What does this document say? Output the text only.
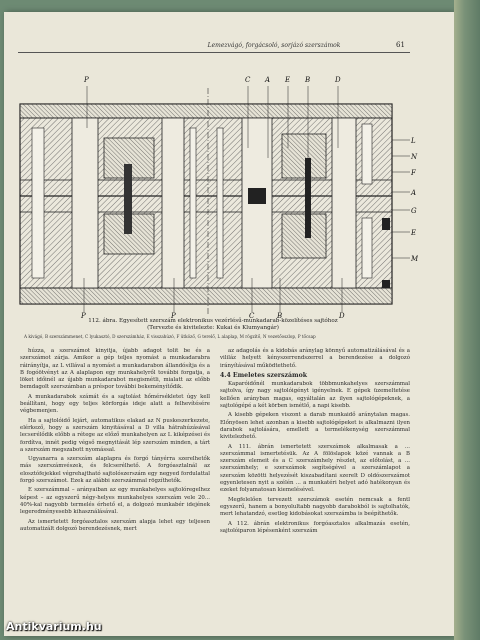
Lemezvágó, forgácsoló, sorjázó szerszámok	61
P	C A E B	D
P	P	C	B	D
L
N
F
A
G
E
M
112. ábra. Egyesített szerszám elektronikus vezérlésű-munkadarab-közelítéses sajtóhoz
(Tervezte és kivitelezte: Kukai és Klumyangár)
A kivágó, B szerszámmenet, C lyukasztó, D szerszámház, E visszahúzó, F ütköző, G terelő, L alaplap, M rögzítő, N vezetőoszlop, P tőcsap

húzza, a szerszámot kinyitja, újabb adagot tolit be és a szerszámot zárja. Amikor a gép teljes nyomást a munkadarabra ráirányítja, az L villával a nyomást a munkadarabon állandósítja és a B fogóötvényt az A alaplapon egy munkahelyről további forgatja, a löket időinél az újabb munkadarabot megismétli, mialatt az előbb bemdagolt szerszámban a préspor további bekeményítődik.

A munkadarabok számát és a sajtolást hőmérsékletet úgy kell beállítani, hogy egy teljes körforgás ideje alatt a felhevítésére végbemenjen.

Ha a sajtolóidő lejárt, automatikus elakad az N puskeszerkezete, elérkező, hogy a szerszám kinyitásával a D villa hátrahúzásával lecserélődik előbb a rétege az előző munkahelyen az L kiképzései és fordítva, innét pedig végső megnyitását lép szerszám minden, a tárt a szerszám megszabott nyomással.

Ugyanarra a szerszám alaplapra és forgó tányérra szerelhetők más szerszámvészek, és felcserélhető. A forgóasztalnál az elosztófejekkel végrehajtható sajtolószerszám egy negyed fordulattal forgó szerszámot. Ezek az alábbi szerszámmal rögzíthetők.

E szerszámmal – arányaiban az egy munkahelyes sajtolóregelhez képest – az egyszerű négy-helyes munkahelyes szerszám vele 20... 40%-kal nagyobb termelés érhető el, a dolgozó munkabér idejének legeredményesebb kihasználásával.

Az ismertetett forgóasztalos szerszám alapja lehet egy teljesen automatizált dolgozó berendezésnek, mert

az adagolás és a kidobás aránylag könnyű automatizálásával és a vililáz helyett kényszerrendszerrel a berendezése a dolgozó irányításával működtethető.

4.4 Emeletes szerszámok

Kaparóidőnél munkadarabok többmunkahelyes szerszámmal sajtolva, így nagy sajtolóigényt igényelnek. E gépek üzemeltetése kellően arányban magas, egyáltalán az ilyen sajtológépeknek, a sajtológépé a két körben ismétlő, a napi kisebb.

A kisebb gépeken viszont a darab munkaidő aránytalan magas. Előnyösen lehet azonban a kisebb sajtológépeket is alkalmazni ilyen darabok sajtolására, emellett a termelékenység szerszámmal kivitelezhető.

A 111. ábrán ismertetett szerszámok alkalmasak a ... szerszámmal ismertetésük. Az A fölöslapok közé vannak a B szerszám elemeit és a C szerszámhely részlet, az előtolást, a ... szerszámhely; e szerszámok segítségével a szerszámlapot a szerszám közötti helyezését kiszabadítani szerelt D oldószerszámot egyenletesen nyit a szélén ... a munkatéri helyet adó hatékonyan és ezeket folyamatosan kiemelésével.

Megfelelően tervezett szerszámok esetén nemcsak a fentl egyszerű, hanem a bonyolultabb nagyobb darabokból is sajtolhatók, mert lehatandzó, esetleg kidobásokat szerszámba is beépíthetők.

A 112. ábrán elektronikus forgóasztalos alkalmazás esetén, sajtolóiparon lépésenként szerszám

Antikvarium.hu
